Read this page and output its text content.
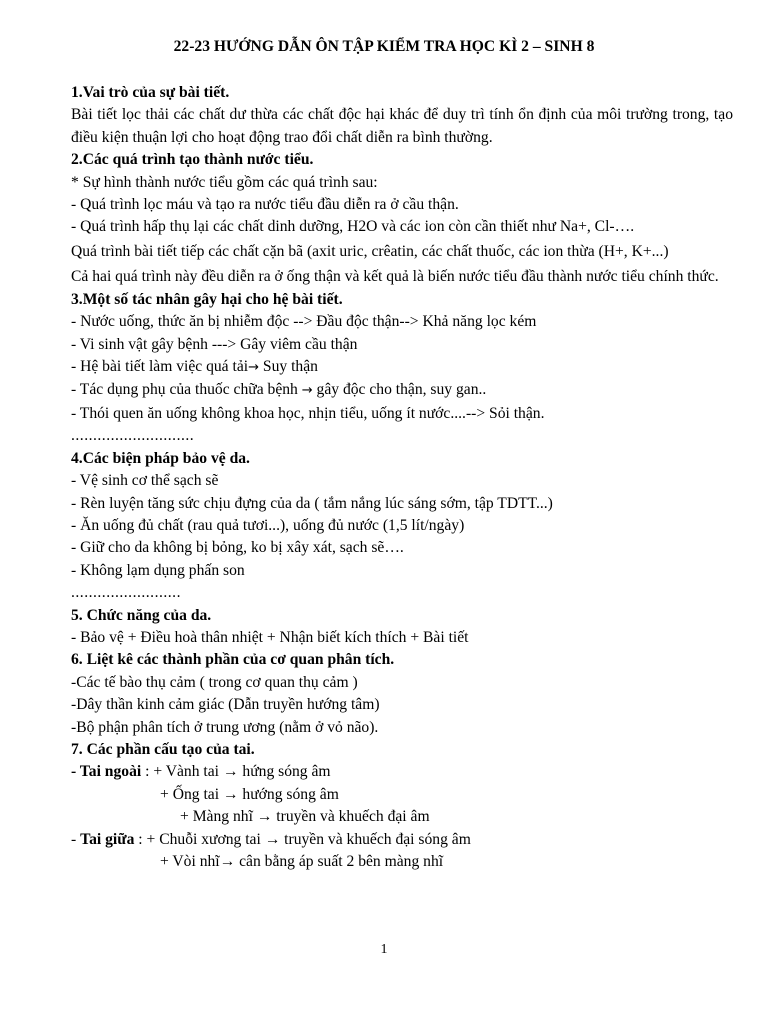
22-23 HƯỚNG DẪN ÔN TẬP KIỂM TRA HỌC KÌ 2 – SINH 8
1.Vai trò của sự bài tiết.
Bài tiết lọc thải các chất dư thừa các chất độc hại khác để duy trì tính ổn định của môi trường trong, tạo điều kiện thuận lợi cho hoạt động trao đổi chất diễn ra bình thường.
2.Các quá trình tạo thành nước tiểu.
* Sự hình thành nước tiểu gồm các quá trình sau:
- Quá trình lọc máu và tạo ra nước tiểu đầu diễn ra ở cầu thận.
- Quá trình hấp thụ lại các chất dinh dưỡng, H2O và các ion còn cần thiết như Na+, Cl-….
Quá trình bài tiết tiếp các chất cặn bã (axit uric, crêatin, các chất thuốc, các ion thừa (H+, K+...)
Cả hai quá trình này đều diễn ra ở ống thận và kết quả là biến nước tiểu đầu thành nước tiểu chính thức.
3.Một số tác nhân gây hại cho hệ bài tiết.
- Nước uống, thức ăn bị nhiễm độc --> Đầu độc thận--> Khả năng lọc kém
- Vi sinh vật gây bệnh ---> Gây viêm cầu thận
- Hệ bài tiết làm việc quá tải→ Suy thận
- Tác dụng phụ của thuốc chữa bệnh → gây độc cho thận, suy gan..
- Thói quen ăn uống không khoa học, nhịn tiểu, uống ít nước....--> Sỏi thận.
............................
4.Các biện pháp bảo vệ da.
- Vệ sinh cơ thể sạch sẽ
- Rèn luyện tăng sức chịu đựng của da ( tắm nắng lúc sáng sớm, tập TDTT...)
- Ăn uống đủ chất (rau quả tươi...), uống đủ nước (1,5 lít/ngày)
- Giữ cho da không bị bỏng, ko bị xây xát, sạch sẽ….
- Không lạm dụng phấn son
.........................
5. Chức năng của da.
- Bảo vệ + Điều hoà thân nhiệt + Nhận biết kích thích + Bài tiết
6. Liệt kê các thành phần của cơ quan phân tích.
-Các tế bào thụ cảm ( trong cơ quan thụ cảm )
-Dây thần kinh cảm giác (Dẫn truyền hướng tâm)
-Bộ phận phân tích ở trung ương (nằm ở vỏ não).
7. Các phần cấu tạo của tai.
- Tai ngoài : + Vành tai → hứng sóng âm
+ Ống tai → hướng sóng âm
+ Màng nhĩ → truyền và khuếch đại âm
- Tai giữa : + Chuỗi xương tai → truyền và khuếch đại sóng âm
+ Vòi nhĩ→ cân bằng áp suất 2 bên màng nhĩ
1
